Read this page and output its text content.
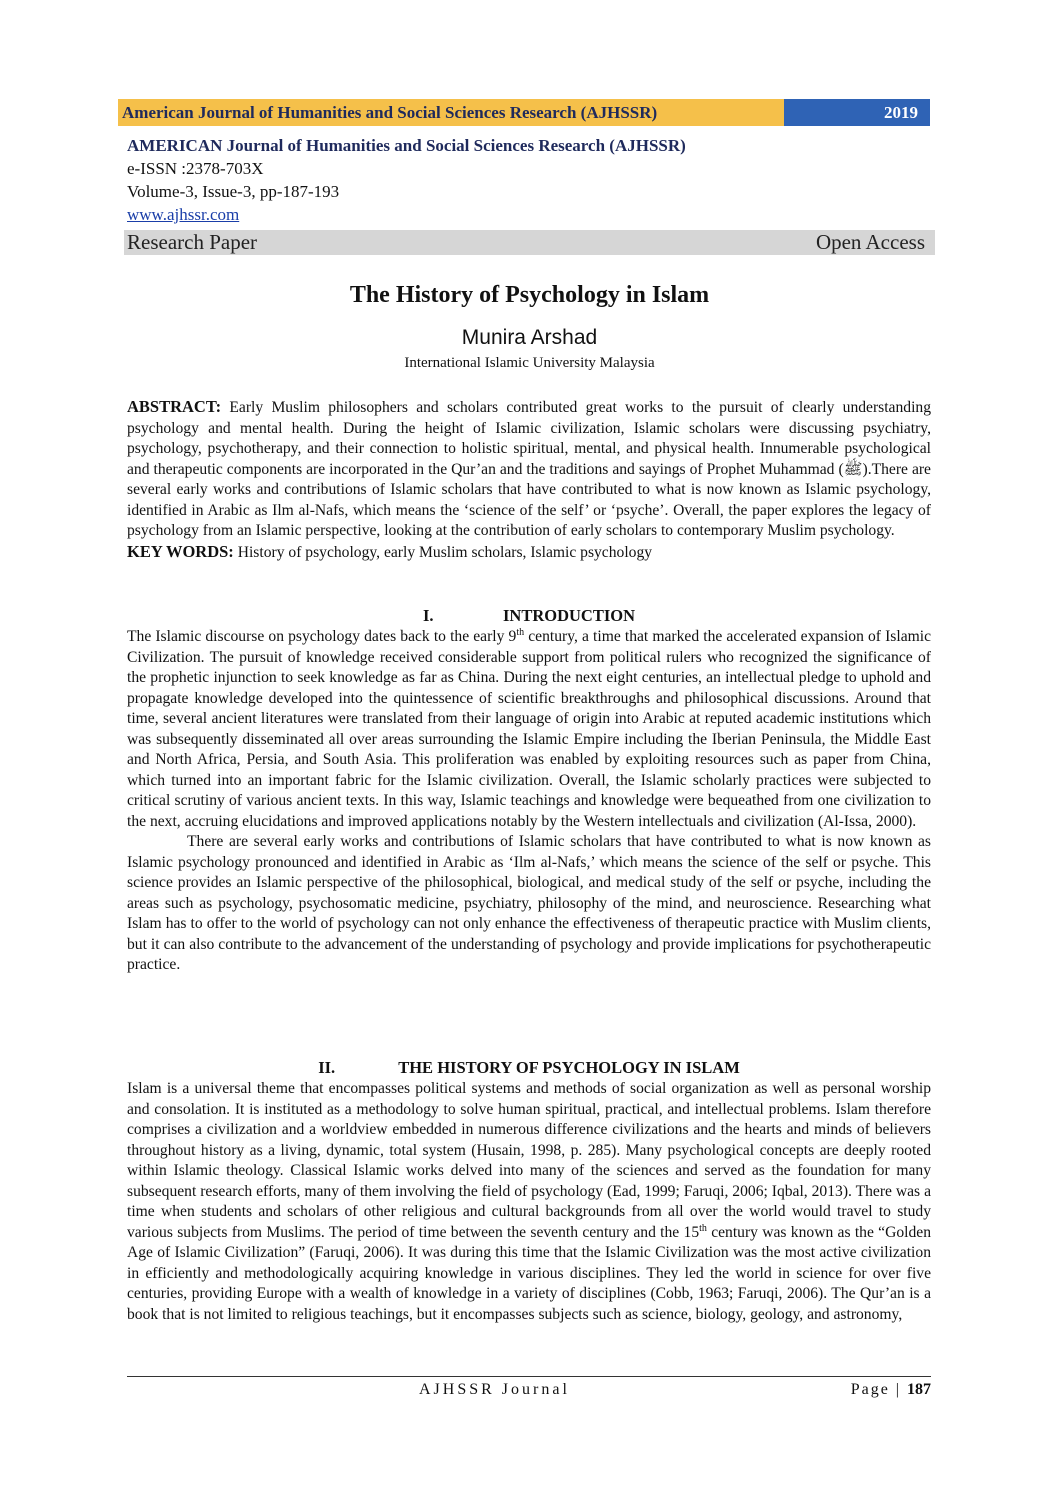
American Journal of Humanities and Social Sciences Research (AJHSSR)	2019
AMERICAN Journal of Humanities and Social Sciences Research (AJHSSR)
e-ISSN :2378-703X
Volume-3, Issue-3, pp-187-193
www.ajhssr.com
Research Paper	Open Access
The History of Psychology in Islam
Munira Arshad
International Islamic University Malaysia

ABSTRACT: Early Muslim philosophers and scholars contributed great works to the pursuit of clearly understanding psychology and mental health. During the height of Islamic civilization, Islamic scholars were discussing psychiatry, psychology, psychotherapy, and their connection to holistic spiritual, mental, and physical health. Innumerable psychological and therapeutic components are incorporated in the Qur’an and the traditions and sayings of Prophet Muhammad (ﷺ).There are several early works and contributions of Islamic scholars that have contributed to what is now known as Islamic psychology, identified in Arabic as Ilm al-Nafs, which means the ‘science of the self’ or ‘psyche’. Overall, the paper explores the legacy of psychology from an Islamic perspective, looking at the contribution of early scholars to contemporary Muslim psychology.

KEY WORDS: History of psychology, early Muslim scholars, Islamic psychology

I.	INTRODUCTION

The Islamic discourse on psychology dates back to the early 9th century, a time that marked the accelerated expansion of Islamic Civilization. The pursuit of knowledge received considerable support from political rulers who recognized the significance of the prophetic injunction to seek knowledge as far as China. During the next eight centuries, an intellectual pledge to uphold and propagate knowledge developed into the quintessence of scientific breakthroughs and philosophical discussions. Around that time, several ancient literatures were translated from their language of origin into Arabic at reputed academic institutions which was subsequently disseminated all over areas surrounding the Islamic Empire including the Iberian Peninsula, the Middle East and North Africa, Persia, and South Asia. This proliferation was enabled by exploiting resources such as paper from China, which turned into an important fabric for the Islamic civilization. Overall, the Islamic scholarly practices were subjected to critical scrutiny of various ancient texts. In this way, Islamic teachings and knowledge were bequeathed from one civilization to the next, accruing elucidations and improved applications notably by the Western intellectuals and civilization (Al-Issa, 2000).

There are several early works and contributions of Islamic scholars that have contributed to what is now known as Islamic psychology pronounced and identified in Arabic as ‘Ilm al-Nafs,’ which means the science of the self or psyche. This science provides an Islamic perspective of the philosophical, biological, and medical study of the self or psyche, including the areas such as psychology, psychosomatic medicine, psychiatry, philosophy of the mind, and neuroscience. Researching what Islam has to offer to the world of psychology can not only enhance the effectiveness of therapeutic practice with Muslim clients, but it can also contribute to the advancement of the understanding of psychology and provide implications for psychotherapeutic practice.

II.	THE HISTORY OF PSYCHOLOGY IN ISLAM

Islam is a universal theme that encompasses political systems and methods of social organization as well as personal worship and consolation. It is instituted as a methodology to solve human spiritual, practical, and intellectual problems. Islam therefore comprises a civilization and a worldview embedded in numerous difference civilizations and the hearts and minds of believers throughout history as a living, dynamic, total system (Husain, 1998, p. 285). Many psychological concepts are deeply rooted within Islamic theology. Classical Islamic works delved into many of the sciences and served as the foundation for many subsequent research efforts, many of them involving the field of psychology (Ead, 1999; Faruqi, 2006; Iqbal, 2013). There was a time when students and scholars of other religious and cultural backgrounds from all over the world would travel to study various subjects from Muslims. The period of time between the seventh century and the 15th century was known as the “Golden Age of Islamic Civilization” (Faruqi, 2006). It was during this time that the Islamic Civilization was the most active civilization in efficiently and methodologically acquiring knowledge in various disciplines. They led the world in science for over five centuries, providing Europe with a wealth of knowledge in a variety of disciplines (Cobb, 1963; Faruqi, 2006). The Qur’an is a book that is not limited to religious teachings, but it encompasses subjects such as science, biology, geology, and astronomy,

AJHSSR Journal	Page | 187
